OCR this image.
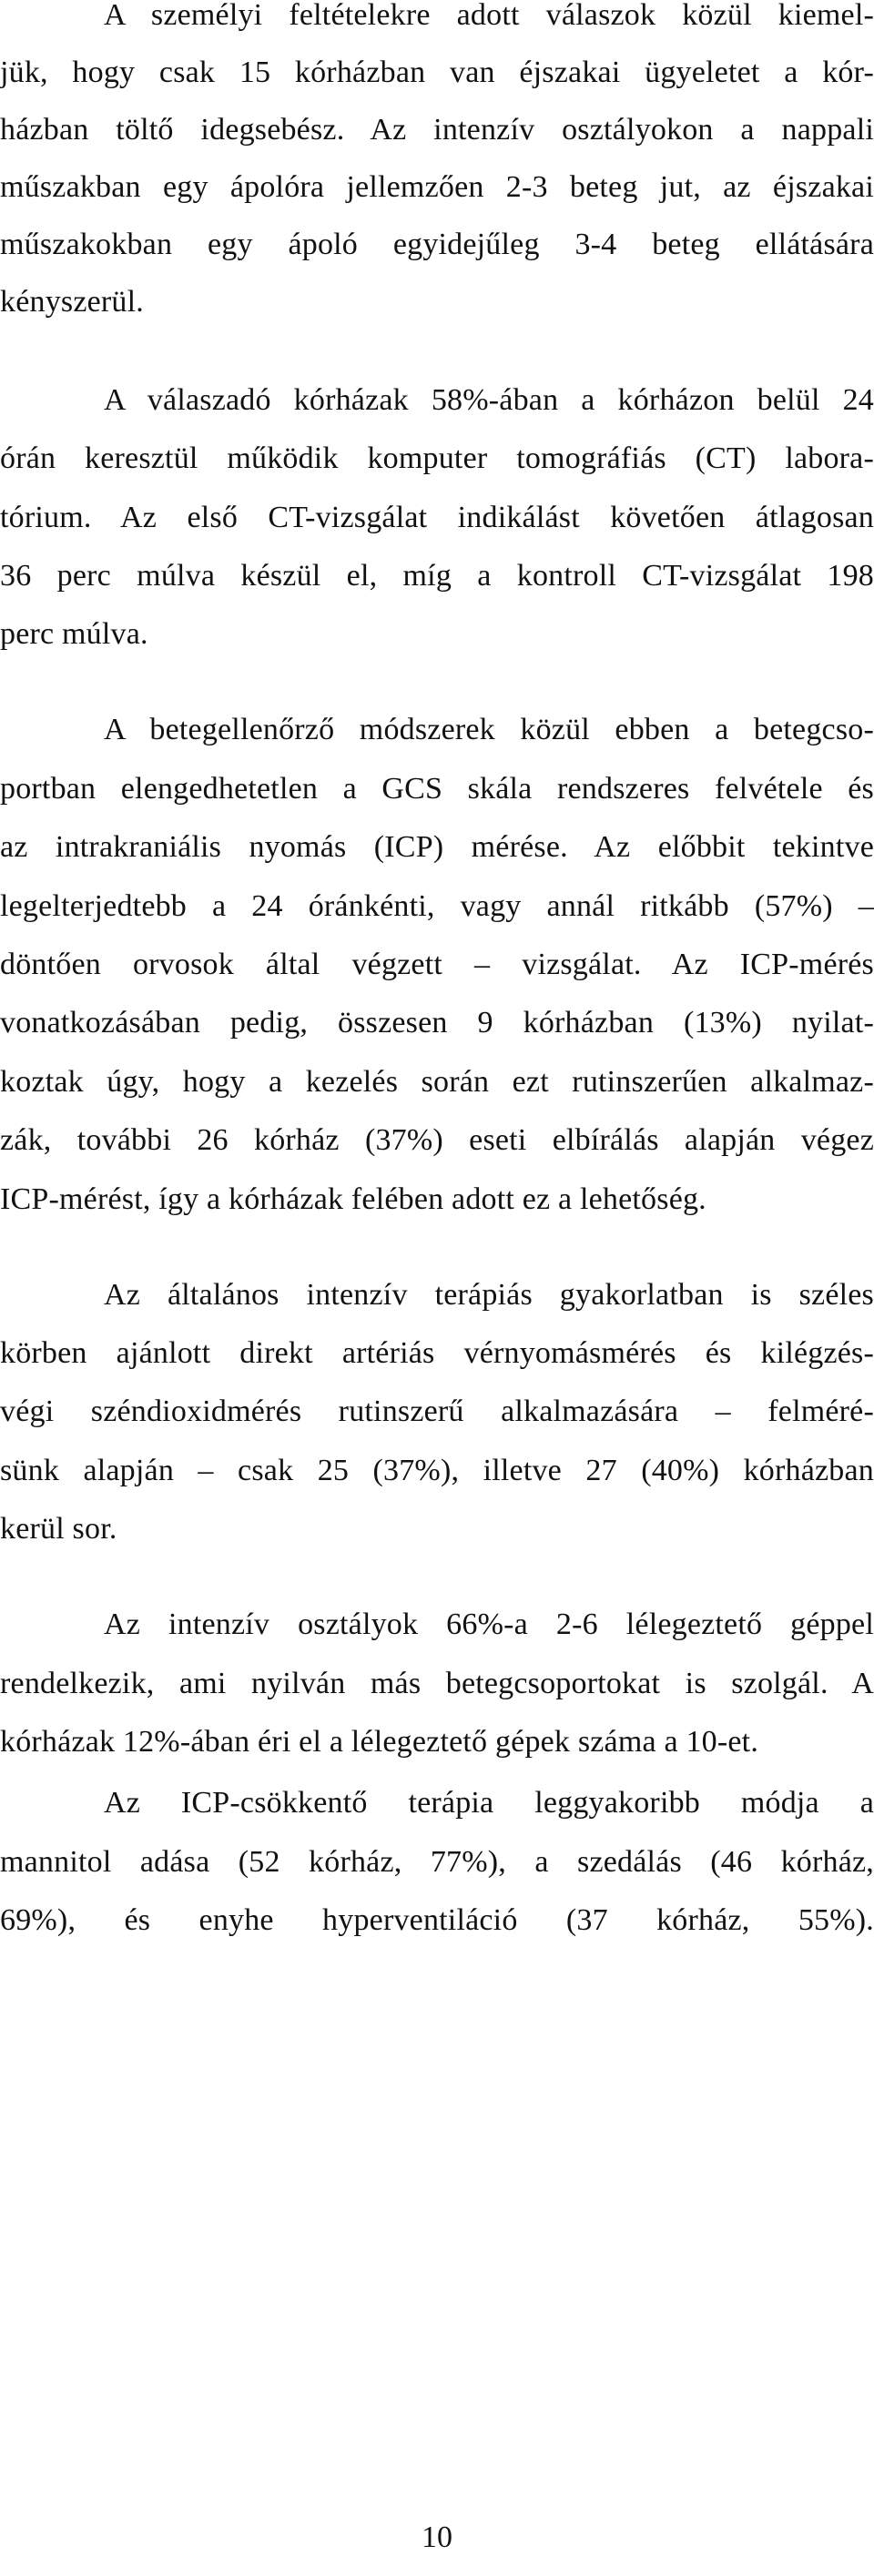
A személyi feltételekre adott válaszok közül kiemel-
jük, hogy csak 15 kórházban van éjszakai ügyeletet a kór-
házban töltő idegsebész. Az intenzív osztályokon a nappali
műszakban egy ápolóra jellemzően 2-3 beteg jut, az éjszakai
műszakokban egy ápoló egyidejűleg 3-4 beteg ellátására
kényszerül.
A válaszadó kórházak 58%-ában a kórházon belül 24
órán keresztül működik komputer tomográfiás (CT) labora-
tórium. Az első CT-vizsgálat indikálást követően átlagosan
36 perc múlva készül el, míg a kontroll CT-vizsgálat 198
perc múlva.
A betegellenőrző módszerek közül ebben a betegcso-
portban elengedhetetlen a GCS skála rendszeres felvétele és
az intrakraniális nyomás (ICP) mérése. Az előbbit tekintve
legelterjedtebb a 24 óránkénti, vagy annál ritkább (57%) –
döntően orvosok által végzett – vizsgálat. Az ICP-mérés
vonatkozásában pedig, összesen 9 kórházban (13%) nyilat-
koztak úgy, hogy a kezelés során ezt rutinszerűen alkalmaz-
zák, további 26 kórház (37%) eseti elbírálás alapján végez
ICP-mérést, így a kórházak felében adott ez a lehetőség.
Az általános intenzív terápiás gyakorlatban is széles
körben ajánlott direkt artériás vérnyomásmérés és kilégzés-
végi széndioxidmérés rutinszerű alkalmazására – felméré-
sünk alapján – csak 25 (37%), illetve 27 (40%) kórházban
kerül sor.
Az intenzív osztályok 66%-a 2-6 lélegeztető géppel
rendelkezik, ami nyilván más betegcsoportokat is szolgál. A
kórházak 12%-ában éri el a lélegeztető gépek száma a 10-et.
Az ICP-csökkentő terápia leggyakoribb módja a
mannitol adása (52 kórház, 77%), a szedálás (46 kórház,
69%), és enyhe hyperventiláció (37 kórház, 55%).
10
